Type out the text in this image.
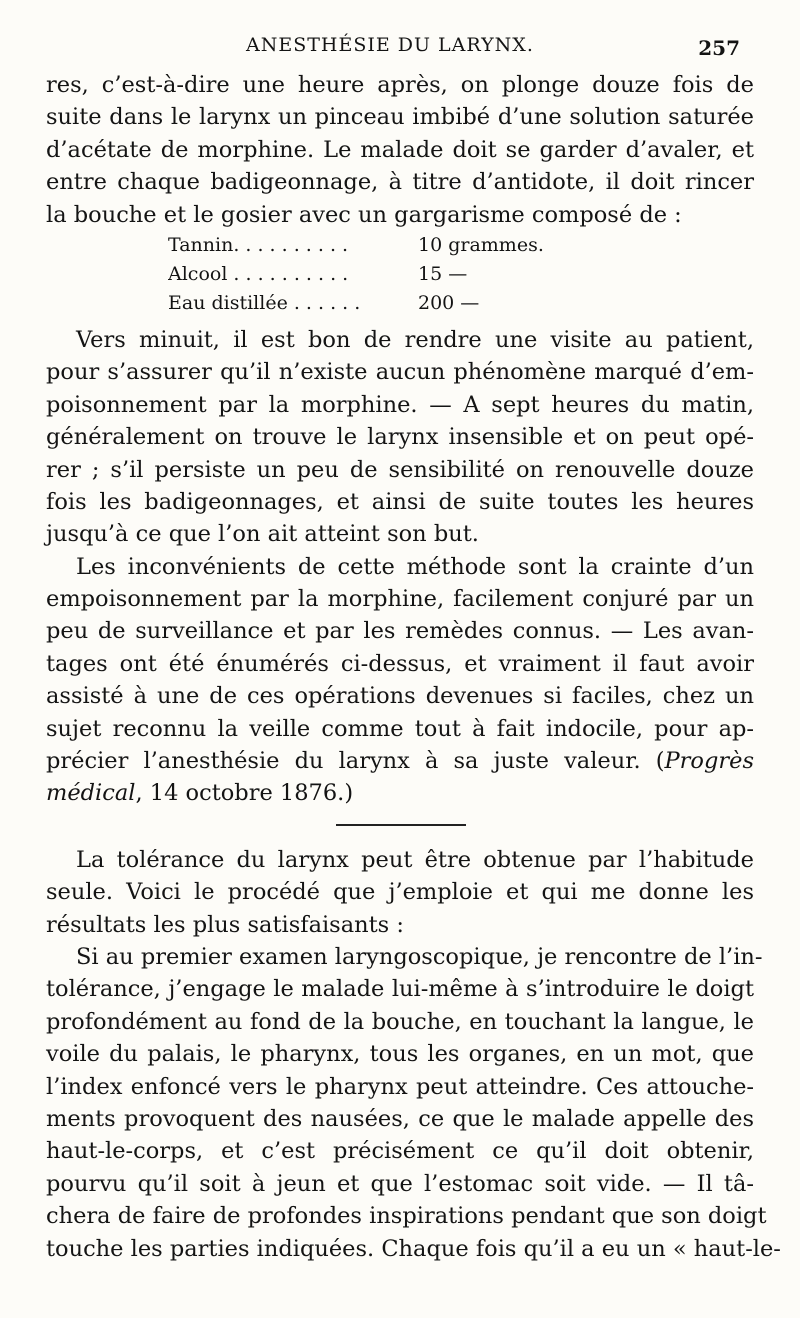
ANESTHÉSIE DU LARYNX.	257
res, c’est-à-dire une heure après, on plonge douze fois de
suite dans le larynx un pinceau imbibé d’une solution saturée
d’acétate de morphine. Le malade doit se garder d’avaler, et
entre chaque badigeonnage, à titre d’antidote, il doit rincer
la bouche et le gosier avec un gargarisme composé de :
Tannin. . . . . . . . . .	10 grammes.
Alcool . . . . . . . . . .	15 —
Eau distillée . . . . . .	200 —
Vers minuit, il est bon de rendre une visite au patient,
pour s’assurer qu’il n’existe aucun phénomène marqué d’em-
poisonnement par la morphine. — A sept heures du matin,
généralement on trouve le larynx insensible et on peut opé-
rer ; s’il persiste un peu de sensibilité on renouvelle douze
fois les badigeonnages, et ainsi de suite toutes les heures
jusqu’à ce que l’on ait atteint son but.
Les inconvénients de cette méthode sont la crainte d’un
empoisonnement par la morphine, facilement conjuré par un
peu de surveillance et par les remèdes connus. — Les avan-
tages ont été énumérés ci-dessus, et vraiment il faut avoir
assisté à une de ces opérations devenues si faciles, chez un
sujet reconnu la veille comme tout à fait indocile, pour ap-
précier l’anesthésie du larynx à sa juste valeur. (Progrès
médical, 14 octobre 1876.)
La tolérance du larynx peut être obtenue par l’habitude
seule. Voici le procédé que j’emploie et qui me donne les
résultats les plus satisfaisants :
Si au premier examen laryngoscopique, je rencontre de l’in-
tolérance, j’engage le malade lui-même à s’introduire le doigt
profondément au fond de la bouche, en touchant la langue, le
voile du palais, le pharynx, tous les organes, en un mot, que
l’index enfoncé vers le pharynx peut atteindre. Ces attouche-
ments provoquent des nausées, ce que le malade appelle des
haut-le-corps, et c’est précisément ce qu’il doit obtenir,
pourvu qu’il soit à jeun et que l’estomac soit vide. — Il tâ-
chera de faire de profondes inspirations pendant que son doigt
touche les parties indiquées. Chaque fois qu’il a eu un « haut-le-
